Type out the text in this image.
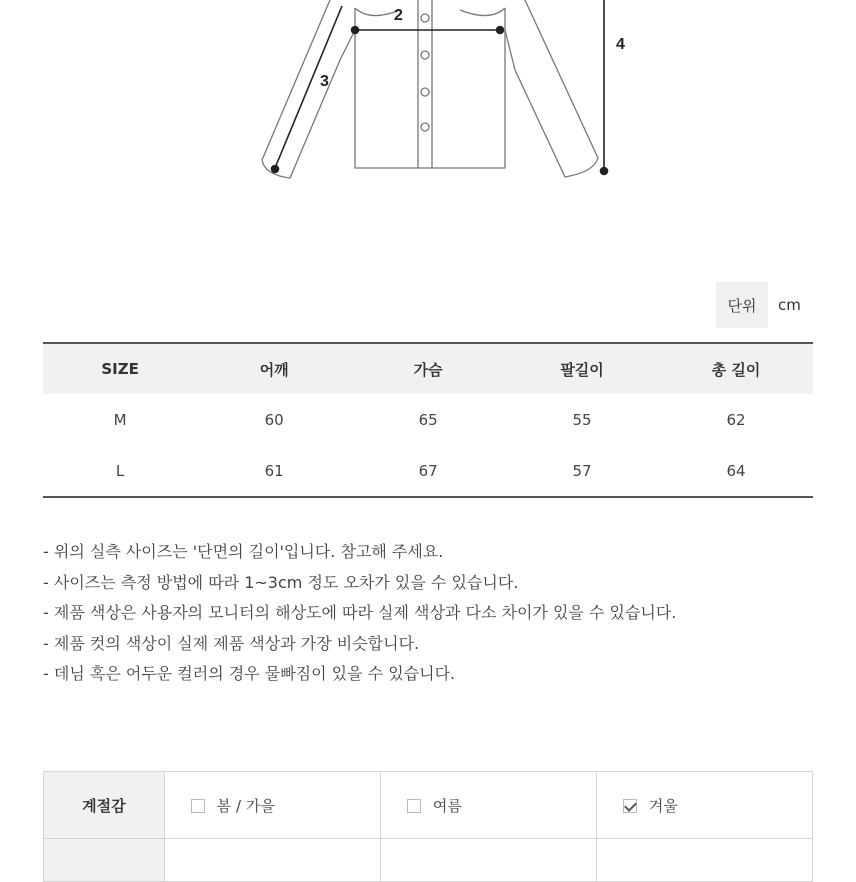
2
3
4
단위	cm
SIZE	어깨	가슴	팔길이	총 길이
M	60	65	55	62
L	61	67	57	64
- 위의 실측 사이즈는 '단면의 길이'입니다. 참고해 주세요.
- 사이즈는 측정 방법에 따라 1~3cm 정도 오차가 있을 수 있습니다.
- 제품 색상은 사용자의 모니터의 해상도에 따라 실제 색상과 다소 차이가 있을 수 있습니다.
- 제품 컷의 색상이 실제 제품 색상과 가장 비슷합니다.
- 데님 혹은 어두운 컬러의 경우 물빠짐이 있을 수 있습니다.
계절감	봄 / 가을	여름	겨울
